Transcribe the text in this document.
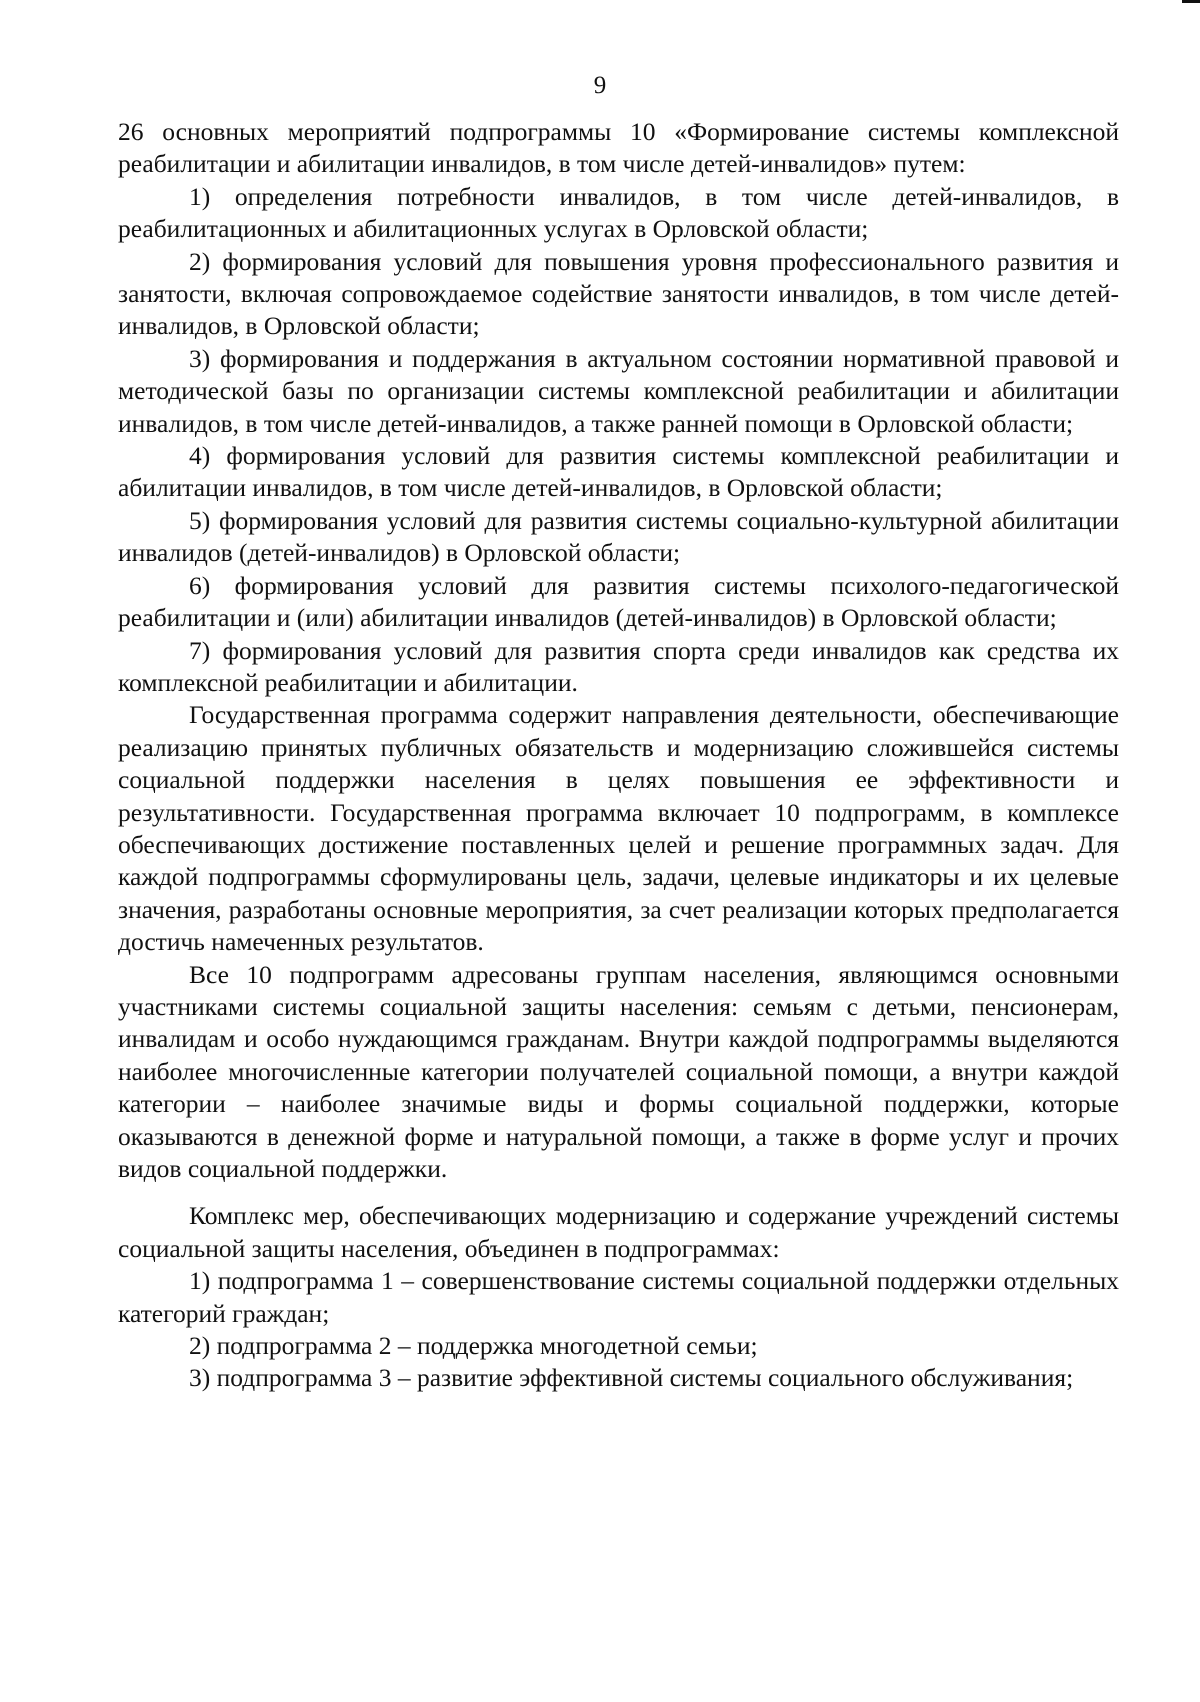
9

26 основных мероприятий подпрограммы 10 «Формирование системы комплексной реабилитации и абилитации инвалидов, в том числе детей-инвалидов» путем:

1) определения потребности инвалидов, в том числе детей-инвалидов, в реабилитационных и абилитационных услугах в Орловской области;

2) формирования условий для повышения уровня профессионального развития и занятости, включая сопровождаемое содействие занятости инвалидов, в том числе детей-инвалидов, в Орловской области;

3) формирования и поддержания в актуальном состоянии нормативной правовой и методической базы по организации системы комплексной реабилитации и абилитации инвалидов, в том числе детей-инвалидов, а также ранней помощи в Орловской области;

4) формирования условий для развития системы комплексной реабилитации и абилитации инвалидов, в том числе детей-инвалидов, в Орловской области;

5) формирования условий для развития системы социально-культурной абилитации инвалидов (детей-инвалидов) в Орловской области;

6) формирования условий для развития системы психолого-педагогической реабилитации и (или) абилитации инвалидов (детей-инвалидов) в Орловской области;

7) формирования условий для развития спорта среди инвалидов как средства их комплексной реабилитации и абилитации.

Государственная программа содержит направления деятельности, обеспечивающие реализацию принятых публичных обязательств и модернизацию сложившейся системы социальной поддержки населения в целях повышения ее эффективности и результативности. Государственная программа включает 10 подпрограмм, в комплексе обеспечивающих достижение поставленных целей и решение программных задач. Для каждой подпрограммы сформулированы цель, задачи, целевые индикаторы и их целевые значения, разработаны основные мероприятия, за счет реализации которых предполагается достичь намеченных результатов.

Все 10 подпрограмм адресованы группам населения, являющимся основными участниками системы социальной защиты населения: семьям с детьми, пенсионерам, инвалидам и особо нуждающимся гражданам. Внутри каждой подпрограммы выделяются наиболее многочисленные категории получателей социальной помощи, а внутри каждой категории – наиболее значимые виды и формы социальной поддержки, которые оказываются в денежной форме и натуральной помощи, а также в форме услуг и прочих видов социальной поддержки.

Комплекс мер, обеспечивающих модернизацию и содержание учреждений системы социальной защиты населения, объединен в подпрограммах:

1) подпрограмма 1 – совершенствование системы социальной поддержки отдельных категорий граждан;

2) подпрограмма 2 – поддержка многодетной семьи;

3) подпрограмма 3 – развитие эффективной системы социального обслуживания;
